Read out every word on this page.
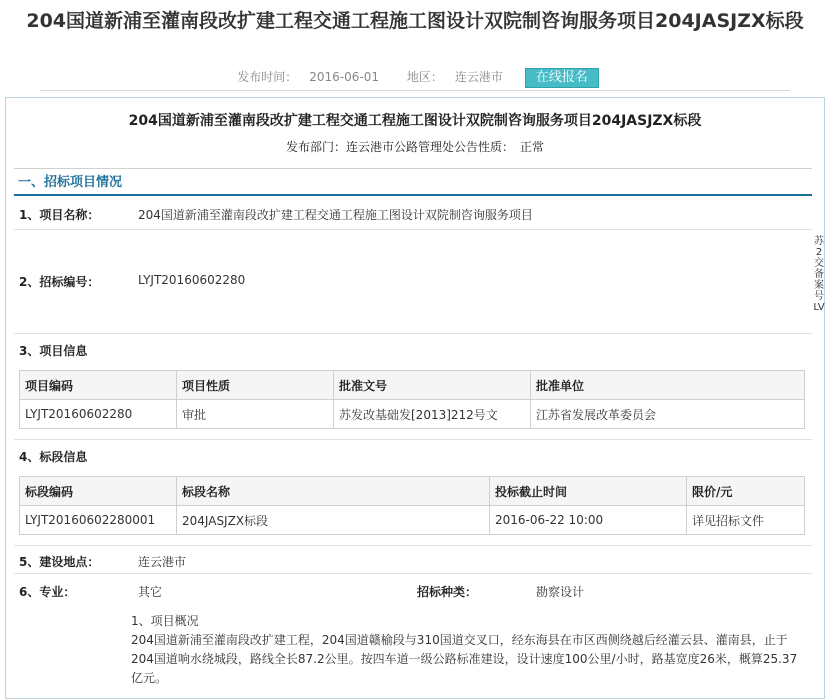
204国道新浦至灌南段改扩建工程交通工程施工图设计双院制咨询服务项目204JASJZX标段
发布时间： 2016-06-01 地区： 连云港市	在线报名
204国道新浦至灌南段改扩建工程交通工程施工图设计双院制咨询服务项目204JASJZX标段
发布部门：连云港市公路管理处公告性质：　正常
一、招标项目情况
1、项目名称：	204国道新浦至灌南段改扩建工程交通工程施工图设计双院制咨询服务项目
2、招标编号：	LYJT20160602280
3、项目信息
项目编码	项目性质	批准文号	批准单位
LYJT20160602280	审批	苏发改基础发[2013]212号文	江苏省发展改革委员会
4、标段信息
标段编码	标段名称	投标截止时间	限价/元
LYJT20160602280001	204JASJZX标段	2016-06-22 10:00	详见招标文件
5、建设地点：	连云港市
6、专业：	其它	招标种类：	勘察设计
1、项目概况
204国道新浦至灌南段改扩建工程，204国道赣榆段与310国道交叉口，经东海县在市区西侧绕越后经灌云县、灌南县，止于204国道响水绕城段，路线全长87.2公里。按四车道一级公路标准建设，设计速度100公里/小时，路基宽度26米，概算25.37亿元。
苏2交备案号LV
